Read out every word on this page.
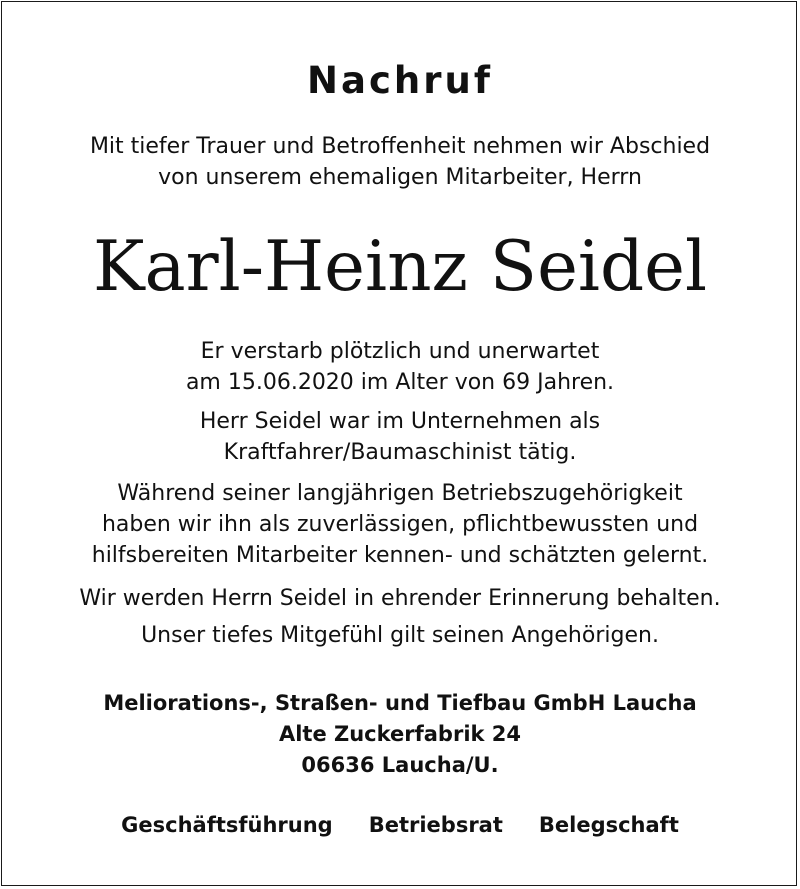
Nachruf
Mit tiefer Trauer und Betroffenheit nehmen wir Abschied
von unserem ehemaligen Mitarbeiter, Herrn
Karl-Heinz Seidel
Er verstarb plötzlich und unerwartet
am 15.06.2020 im Alter von 69 Jahren.
Herr Seidel war im Unternehmen als
Kraftfahrer/Baumaschinist tätig.
Während seiner langjährigen Betriebszugehörigkeit
haben wir ihn als zuverlässigen, pflichtbewussten und
hilfsbereiten Mitarbeiter kennen- und schätzten gelernt.
Wir werden Herrn Seidel in ehrender Erinnerung behalten.
Unser tiefes Mitgefühl gilt seinen Angehörigen.
Meliorations-, Straßen- und Tiefbau GmbH Laucha
Alte Zuckerfabrik 24
06636 Laucha/U.
Geschäftsführung Betriebsrat Belegschaft
